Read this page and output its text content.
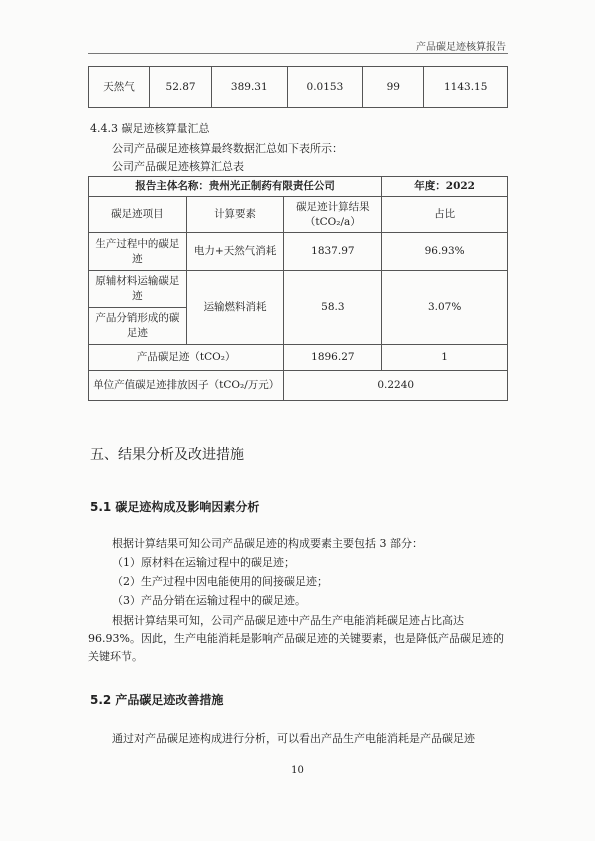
产品碳足迹核算报告
天然气	52.87	389.31	0.0153	99	1143.15
4.4.3 碳足迹核算量汇总
公司产品碳足迹核算最终数据汇总如下表所示：
公司产品碳足迹核算汇总表
报告主体名称：贵州光正制药有限责任公司			年度：2022
碳足迹项目	计算要素	碳足迹计算结果（tCO₂/a）	占比
生产过程中的碳足迹	电力+天然气消耗	1837.97	96.93%
原辅材料运输碳足迹	运输燃料消耗	58.3	3.07%
产品分销形成的碳足迹			
产品碳足迹（tCO₂）		1896.27	1
单位产值碳足迹排放因子（tCO₂/万元）		0.2240	
五、结果分析及改进措施
5.1 碳足迹构成及影响因素分析
根据计算结果可知公司产品碳足迹的构成要素主要包括 3 部分：
（1）原材料在运输过程中的碳足迹；
（2）生产过程中因电能使用的间接碳足迹；
（3）产品分销在运输过程中的碳足迹。
根据计算结果可知，公司产品碳足迹中产品生产电能消耗碳足迹占比高达96.93%。因此，生产电能消耗是影响产品碳足迹的关键要素，也是降低产品碳足迹的关键环节。
5.2 产品碳足迹改善措施
通过对产品碳足迹构成进行分析，可以看出产品生产电能消耗是产品碳足迹
10
